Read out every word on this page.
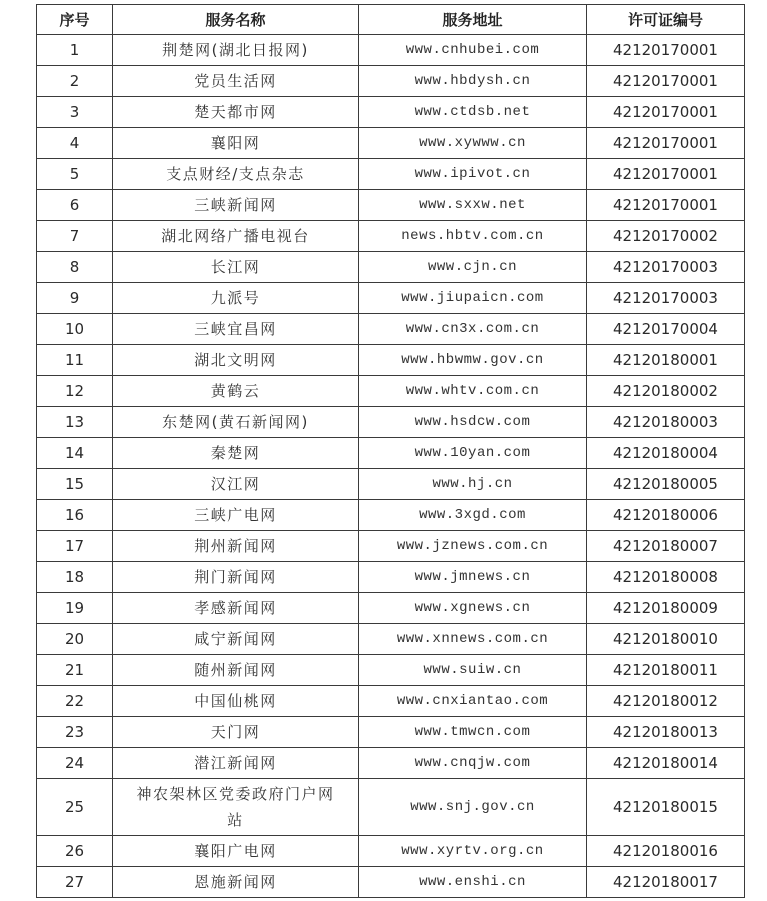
序号	服务名称	服务地址	许可证编号
1	荆楚网(湖北日报网)	www.cnhubei.com	42120170001
2	党员生活网	www.hbdysh.cn	42120170001
3	楚天都市网	www.ctdsb.net	42120170001
4	襄阳网	www.xywww.cn	42120170001
5	支点财经/支点杂志	www.ipivot.cn	42120170001
6	三峡新闻网	www.sxxw.net	42120170001
7	湖北网络广播电视台	news.hbtv.com.cn	42120170002
8	长江网	www.cjn.cn	42120170003
9	九派号	www.jiupaicn.com	42120170003
10	三峡宜昌网	www.cn3x.com.cn	42120170004
11	湖北文明网	www.hbwmw.gov.cn	42120180001
12	黄鹤云	www.whtv.com.cn	42120180002
13	东楚网(黄石新闻网)	www.hsdcw.com	42120180003
14	秦楚网	www.10yan.com	42120180004
15	汉江网	www.hj.cn	42120180005
16	三峡广电网	www.3xgd.com	42120180006
17	荆州新闻网	www.jznews.com.cn	42120180007
18	荆门新闻网	www.jmnews.cn	42120180008
19	孝感新闻网	www.xgnews.cn	42120180009
20	咸宁新闻网	www.xnnews.com.cn	42120180010
21	随州新闻网	www.suiw.cn	42120180011
22	中国仙桃网	www.cnxiantao.com	42120180012
23	天门网	www.tmwcn.com	42120180013
24	潜江新闻网	www.cnqjw.com	42120180014
25	神农架林区党委政府门户网站	www.snj.gov.cn	42120180015
26	襄阳广电网	www.xyrtv.org.cn	42120180016
27	恩施新闻网	www.enshi.cn	42120180017
